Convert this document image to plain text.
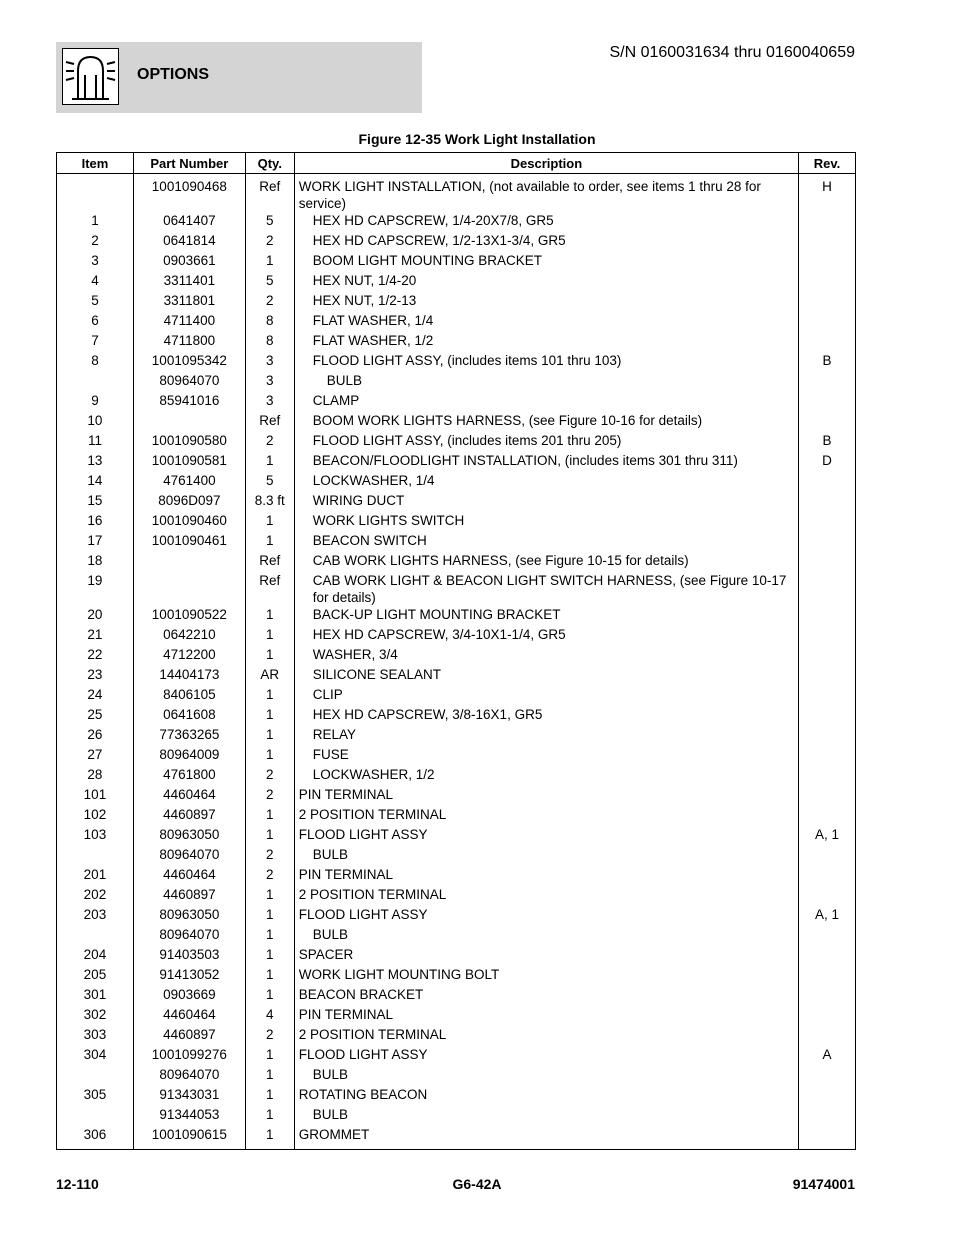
OPTIONS
S/N 0160031634 thru 0160040659
Figure 12-35 Work Light Installation
Item	Part Number	Qty.	Description	Rev.
	1001090468	Ref	WORK LIGHT INSTALLATION, (not available to order, see items 1 thru 28 for service)	H
1	0641407	5	HEX HD CAPSCREW, 1/4-20X7/8, GR5	
2	0641814	2	HEX HD CAPSCREW, 1/2-13X1-3/4, GR5	
3	0903661	1	BOOM LIGHT MOUNTING BRACKET	
4	3311401	5	HEX NUT, 1/4-20	
5	3311801	2	HEX NUT, 1/2-13	
6	4711400	8	FLAT WASHER, 1/4	
7	4711800	8	FLAT WASHER, 1/2	
8	1001095342	3	FLOOD LIGHT ASSY, (includes items 101 thru 103)	B
	80964070	3	BULB	
9	85941016	3	CLAMP	
10		Ref	BOOM WORK LIGHTS HARNESS, (see Figure 10-16 for details)	
11	1001090580	2	FLOOD LIGHT ASSY, (includes items 201 thru 205)	B
13	1001090581	1	BEACON/FLOODLIGHT INSTALLATION, (includes items 301 thru 311)	D
14	4761400	5	LOCKWASHER, 1/4	
15	8096D097	8.3 ft	WIRING DUCT	
16	1001090460	1	WORK LIGHTS SWITCH	
17	1001090461	1	BEACON SWITCH	
18		Ref	CAB WORK LIGHTS HARNESS, (see Figure 10-15 for details)	
19		Ref	CAB WORK LIGHT & BEACON LIGHT SWITCH HARNESS, (see Figure 10-17 for details)	
20	1001090522	1	BACK-UP LIGHT MOUNTING BRACKET	
21	0642210	1	HEX HD CAPSCREW, 3/4-10X1-1/4, GR5	
22	4712200	1	WASHER, 3/4	
23	14404173	AR	SILICONE SEALANT	
24	8406105	1	CLIP	
25	0641608	1	HEX HD CAPSCREW, 3/8-16X1, GR5	
26	77363265	1	RELAY	
27	80964009	1	FUSE	
28	4761800	2	LOCKWASHER, 1/2	
101	4460464	2	PIN TERMINAL	
102	4460897	1	2 POSITION TERMINAL	
103	80963050	1	FLOOD LIGHT ASSY	A, 1
	80964070	2	BULB	
201	4460464	2	PIN TERMINAL	
202	4460897	1	2 POSITION TERMINAL	
203	80963050	1	FLOOD LIGHT ASSY	A, 1
	80964070	1	BULB	
204	91403503	1	SPACER	
205	91413052	1	WORK LIGHT MOUNTING BOLT	
301	0903669	1	BEACON BRACKET	
302	4460464	4	PIN TERMINAL	
303	4460897	2	2 POSITION TERMINAL	
304	1001099276	1	FLOOD LIGHT ASSY	A
	80964070	1	BULB	
305	91343031	1	ROTATING BEACON	
	91344053	1	BULB	
306	1001090615	1	GROMMET	
12-110	G6-42A	91474001
